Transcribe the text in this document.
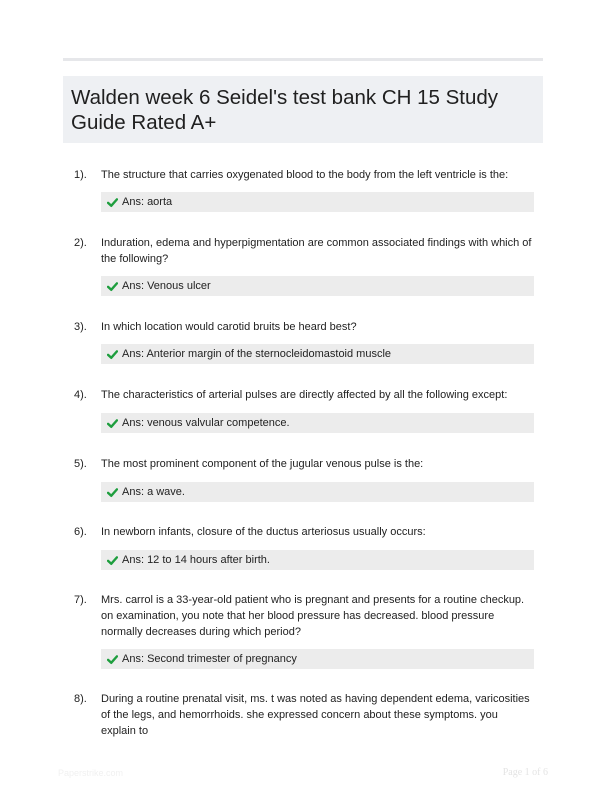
Walden week 6 Seidel's test bank CH 15 Study Guide Rated A+
1). The structure that carries oxygenated blood to the body from the left ventricle is the:
Ans: aorta
2). Induration, edema and hyperpigmentation are common associated findings with which of the following?
Ans: Venous ulcer
3). In which location would carotid bruits be heard best?
Ans: Anterior margin of the sternocleidomastoid muscle
4). The characteristics of arterial pulses are directly affected by all the following except:
Ans: venous valvular competence.
5). The most prominent component of the jugular venous pulse is the:
Ans: a wave.
6). In newborn infants, closure of the ductus arteriosus usually occurs:
Ans: 12 to 14 hours after birth.
7). Mrs. carrol is a 33-year-old patient who is pregnant and presents for a routine checkup. on examination, you note that her blood pressure has decreased. blood pressure normally decreases during which period?
Ans: Second trimester of pregnancy
8). During a routine prenatal visit, ms. t was noted as having dependent edema, varicosities of the legs, and hemorrhoids. she expressed concern about these symptoms. you explain to
Paperstrike.com	Page 1 of 6
